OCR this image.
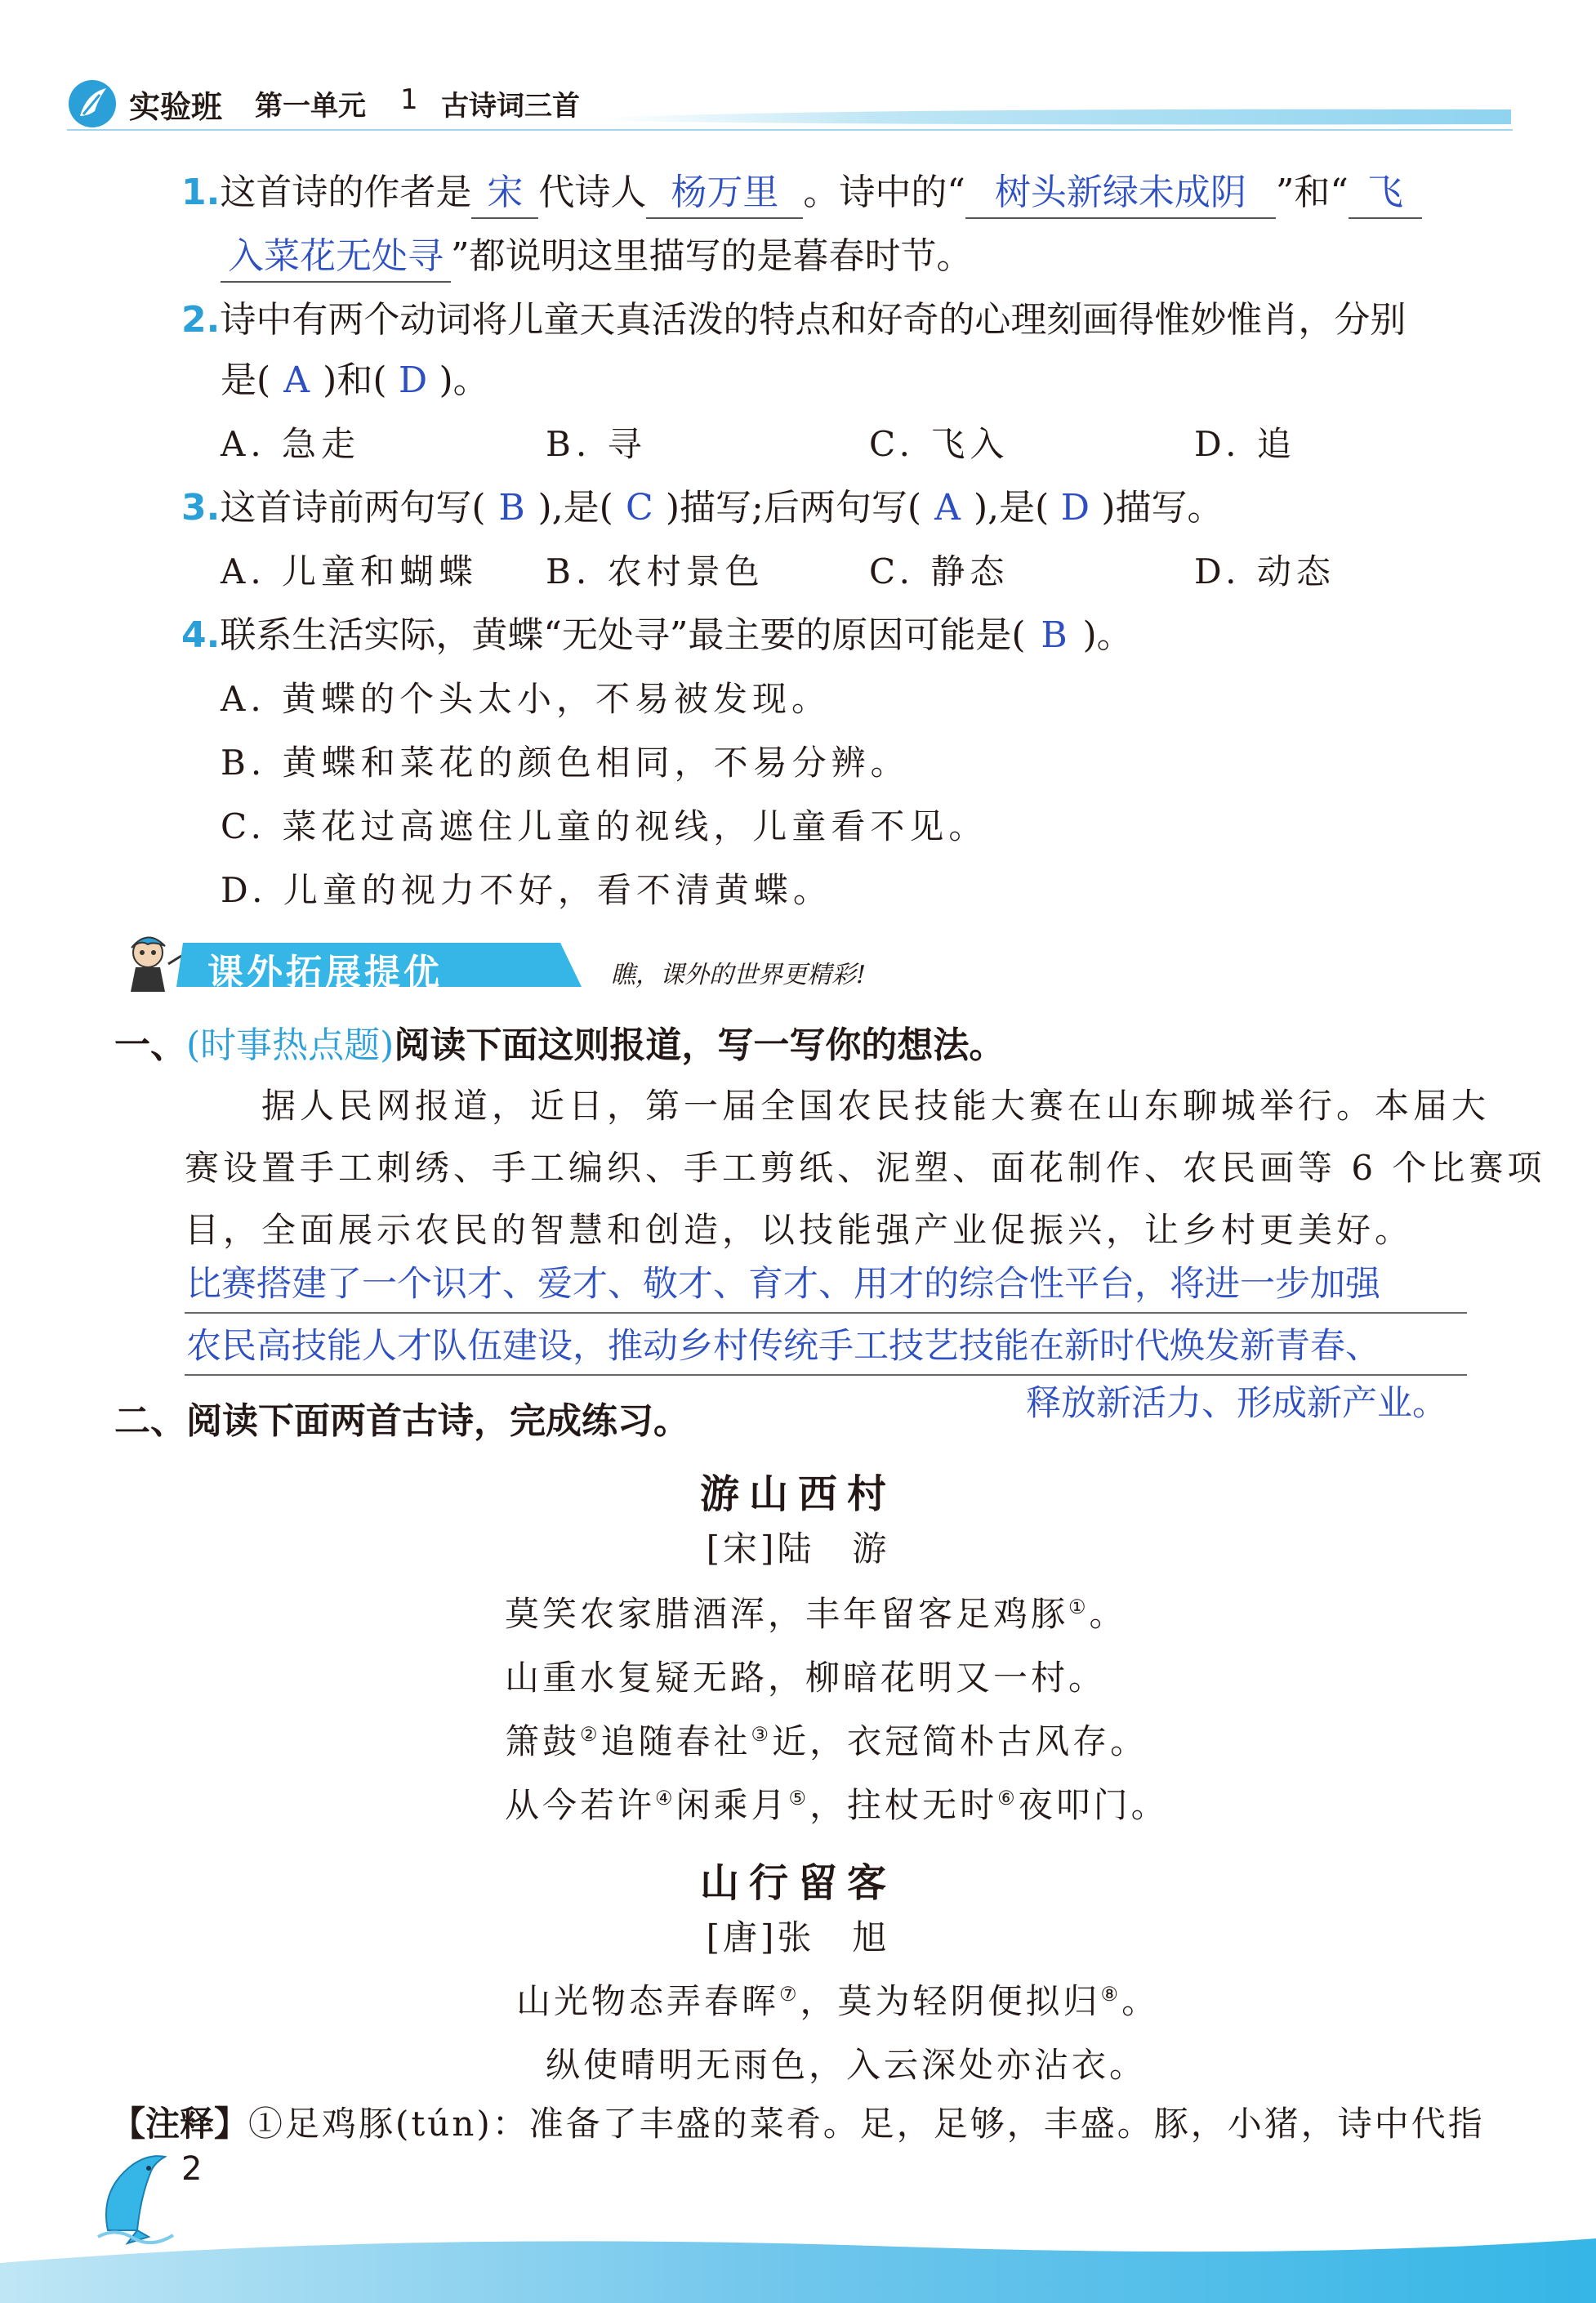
实验班 第一单元 1 古诗词三首
1.这首诗的作者是 宋 代诗人 杨万里 。诗中的“ 树头新绿未成阴 ”和“ 飞
入菜花无处寻 ”都说明这里描写的是暮春时节。
2.诗中有两个动词将儿童天真活泼的特点和好奇的心理刻画得惟妙惟肖，分别
是( A )和( D )。
A. 急走	B. 寻	C. 飞入	D. 追
3.这首诗前两句写( B ),是( C )描写;后两句写( A ),是( D )描写。
A. 儿童和蝴蝶 B. 农村景色	C. 静态	D. 动态
4.联系生活实际，黄蝶“无处寻”最主要的原因可能是( B )。
A. 黄蝶的个头太小，不易被发现。
B. 黄蝶和菜花的颜色相同，不易分辨。
C. 菜花过高遮住儿童的视线，儿童看不见。
D. 儿童的视力不好，看不清黄蝶。
课外拓展提优	瞧，课外的世界更精彩!
一、(时事热点题)阅读下面这则报道，写一写你的想法。
据人民网报道，近日，第一届全国农民技能大赛在山东聊城举行。本届大
赛设置手工刺绣、手工编织、手工剪纸、泥塑、面花制作、农民画等 6 个比赛项
目，全面展示农民的智慧和创造，以技能强产业促振兴，让乡村更美好。
比赛搭建了一个识才、爱才、敬才、育才、用才的综合性平台，将进一步加强
农民高技能人才队伍建设，推动乡村传统手工技艺技能在新时代焕发新青春、
释放新活力、形成新产业。
二、阅读下面两首古诗，完成练习。
游山西村
[宋]陆　游
莫笑农家腊酒浑，丰年留客足鸡豚①。
山重水复疑无路，柳暗花明又一村。
箫鼓②追随春社③近，衣冠简朴古风存。
从今若许④闲乘月⑤，拄杖无时⑥夜叩门。
山行留客
[唐]张　旭
山光物态弄春晖⑦，莫为轻阴便拟归⑧。
纵使晴明无雨色，入云深处亦沾衣。
【注释】①足鸡豚(tún)：准备了丰盛的菜肴。足，足够，丰盛。豚，小猪，诗中代指
2
